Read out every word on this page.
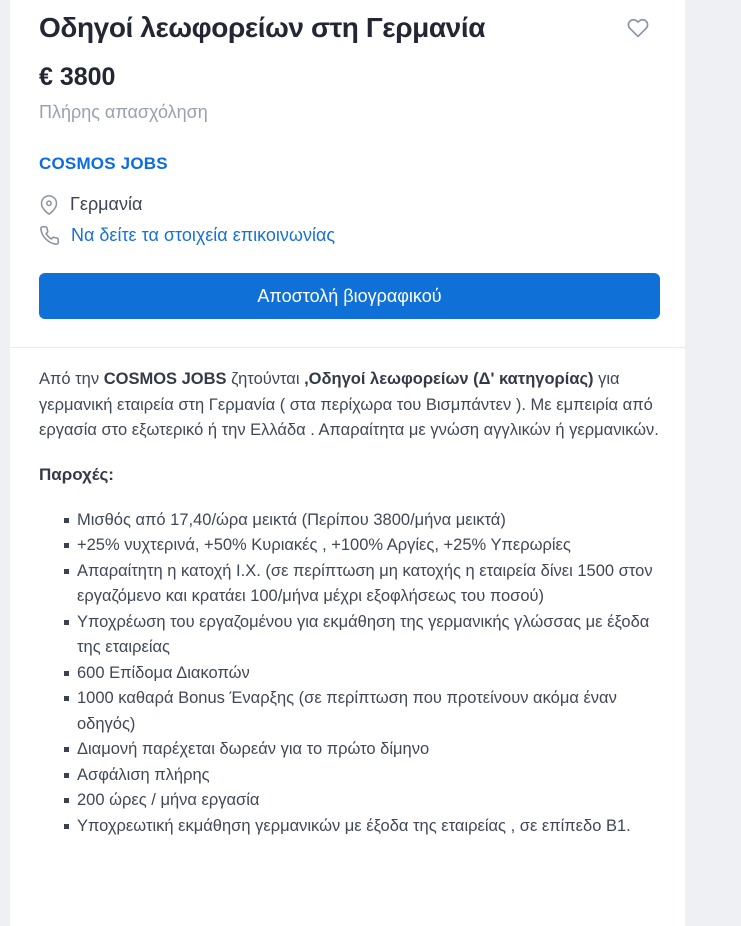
Οδηγοί λεωφορείων στη Γερμανία
€ 3800
Πλήρης απασχόληση
COSMOS JOBS
Γερμανία
Να δείτε τα στοιχεία επικοινωνίας
Αποστολή βιογραφικού

Από την COSMOS JOBS ζητούνται ,Οδηγοί λεωφορείων (Δ' κατηγορίας) για γερμανική εταιρεία στη Γερμανία ( στα περίχωρα του Βισμπάντεν ). Με εμπειρία από εργασία στο εξωτερικό ή την Ελλάδα . Απαραίτητα με γνώση αγγλικών ή γερμανικών.

Παροχές:
Μισθός από 17,40/ώρα μεικτά (Περίπου 3800/μήνα μεικτά)
+25% νυχτερινά, +50% Κυριακές , +100% Αργίες, +25% Υπερωρίες
Απαραίτητη η κατοχή Ι.Χ. (σε περίπτωση μη κατοχής η εταιρεία δίνει 1500 στον εργαζόμενο και κρατάει 100/μήνα μέχρι εξοφλήσεως του ποσού)
Υποχρέωση του εργαζομένου για εκμάθηση της γερμανικής γλώσσας με έξοδα της εταιρείας
600 Επίδομα Διακοπών
1000 καθαρά Bonus Έναρξης (σε περίπτωση που προτείνουν ακόμα έναν οδηγός)
Διαμονή παρέχεται δωρεάν για το πρώτο δίμηνο
Ασφάλιση πλήρης
200 ώρες / μήνα εργασία
Υποχρεωτική εκμάθηση γερμανικών με έξοδα της εταιρείας , σε επίπεδο Β1.
